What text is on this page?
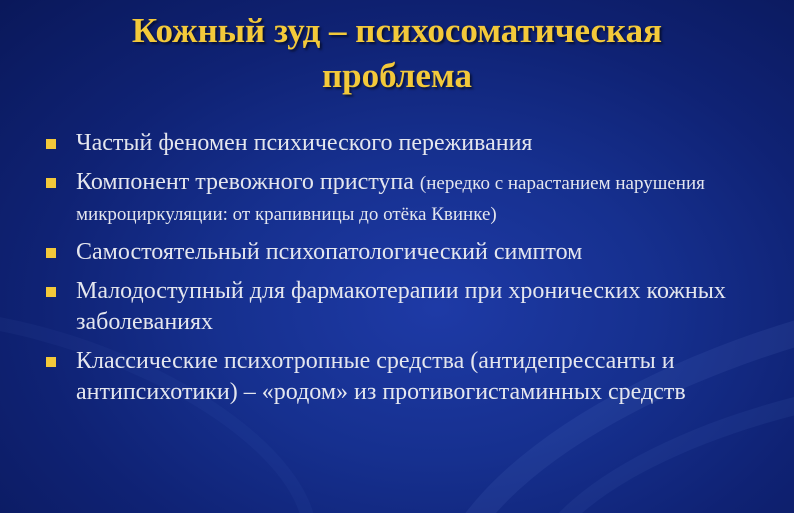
Кожный зуд – психосоматическая
проблема
Частый феномен психического переживания
Компонент тревожного приступа (нередко с нарастанием нарушения микроциркуляции: от крапивницы до отёка Квинке)
Самостоятельный психопатологический симптом
Малодоступный для фармакотерапии при хронических кожных заболеваниях
Классические психотропные средства (антидепрессанты и антипсихотики) – «родом» из противогистаминных средств
